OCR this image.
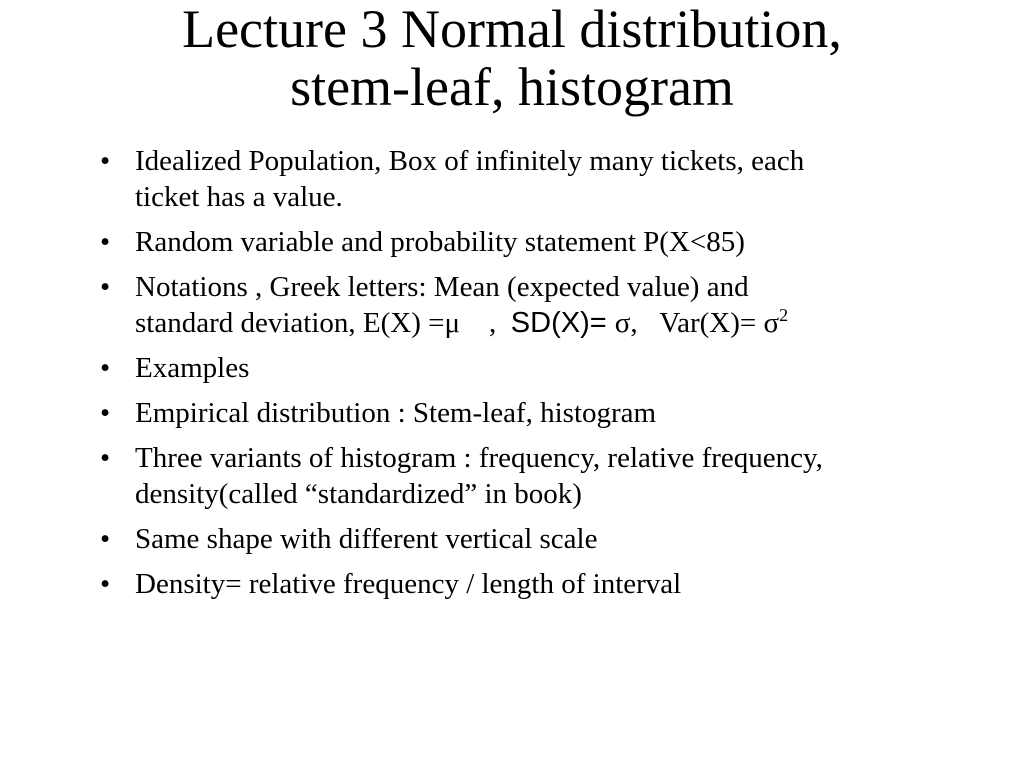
Lecture 3 Normal distribution,
stem-leaf, histogram
• Idealized Population, Box of infinitely many tickets, each
ticket has a value.
• Random variable and probability statement P(X<85)
• Notations , Greek letters: Mean (expected value) and
standard deviation, E(X) =μ    ,  SD(X)= σ,   $Var(X)= \sigma^2$
• Examples
• Empirical distribution : Stem-leaf, histogram
• Three variants of histogram : frequency, relative frequency,
density(called “standardized” in book)
• Same shape with different vertical scale
• Density= relative frequency / length of interval
